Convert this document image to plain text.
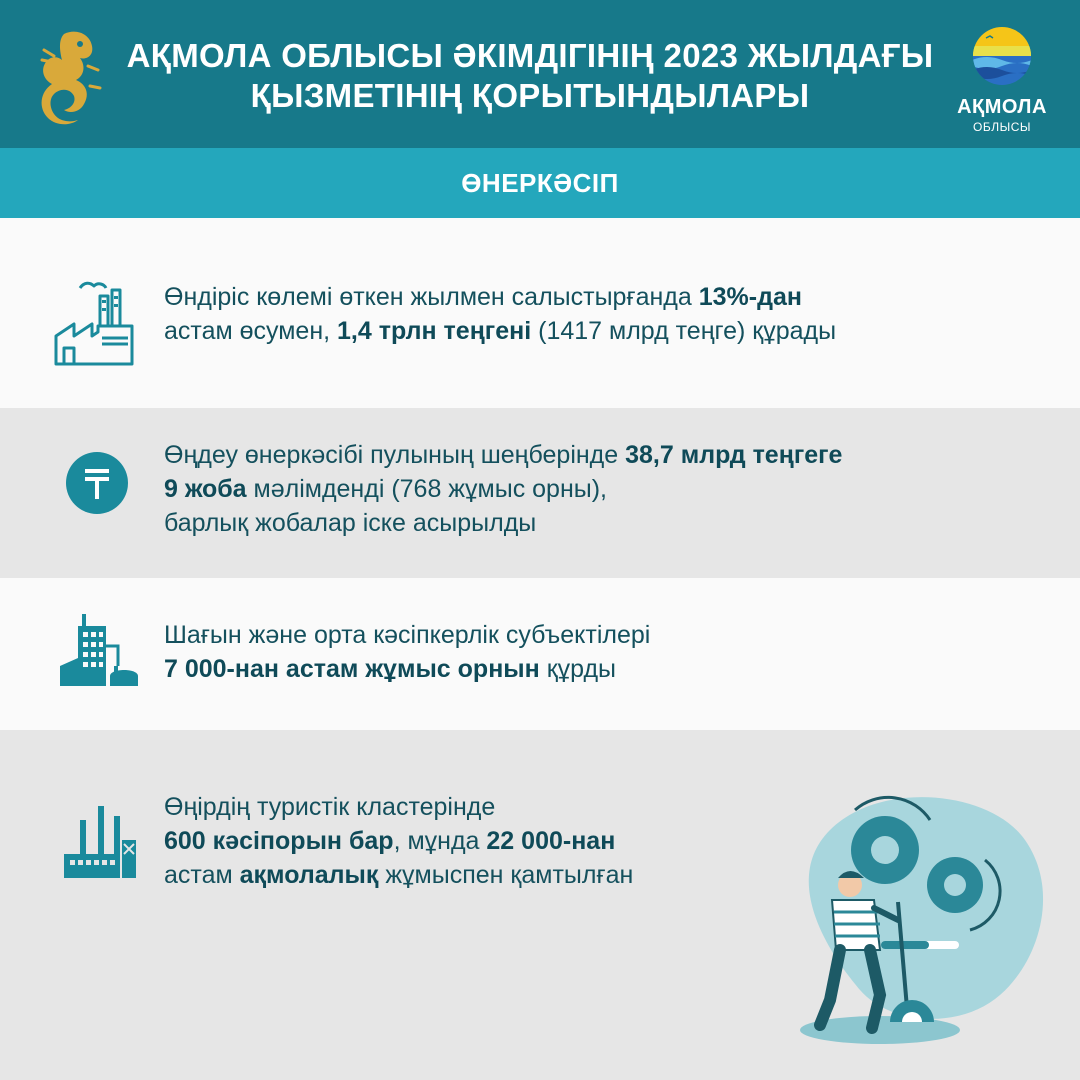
АҚМОЛА ОБЛЫСЫ ӘКІМДІГІНІҢ 2023 ЖЫЛДАҒЫ
ҚЫЗМЕТІНІҢ ҚОРЫТЫНДЫЛАРЫ	АҚМОЛА
ОБЛЫСЫ
ӨНЕРКӘСІП
Өндіріс көлемі өткен жылмен салыстырғанда 13%-дан
астам өсумен, 1,4 трлн теңгені (1417 млрд теңге) құрады
Өңдеу өнеркәсібі пулының шеңберінде 38,7 млрд теңгеге
9 жоба мәлімденді (768 жұмыс орны),
барлық жобалар іске асырылды
Шағын және орта кәсіпкерлік субъектілері
7 000-нан астам жұмыс орнын құрды
Өңірдің туристік кластерінде
600 кәсіпорын бар, мұнда 22 000-нан
астам ақмолалық жұмыспен қамтылған
